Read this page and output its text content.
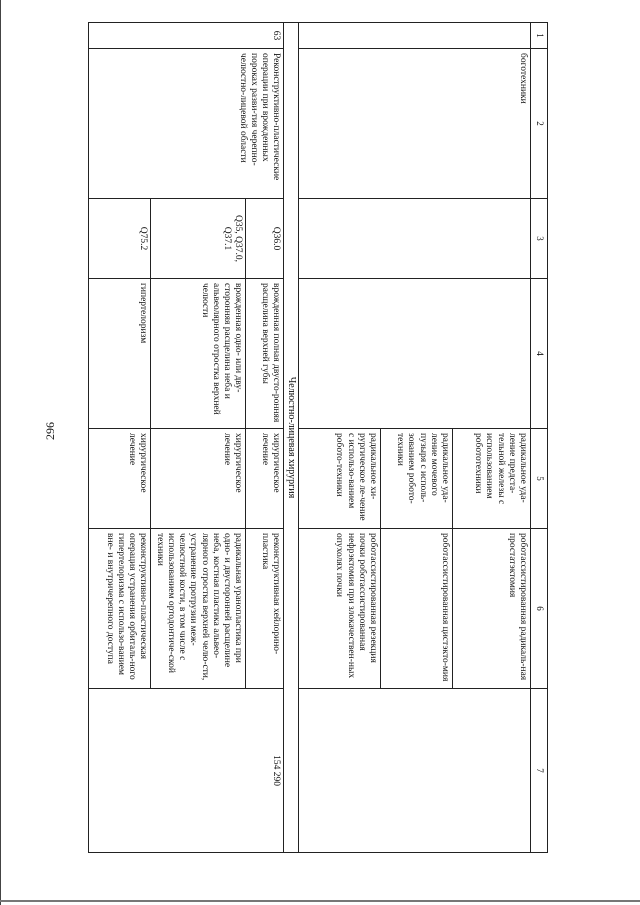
296
1	2	3	4	5	6	7
	боготехники			радикальное уда-ление предста-тельной железы с использованием робототехники	роботассистированная радикаль-ная простатэктомия	
				радикальное уда-ление мочевого пузыря с исполь-зованием робото-техники	роботассистированная цистэкто-мия	
				радикальное хи-рургическое ле-чение с использо-ванием робото-техники	роботассистированная резекция почки роботассистированная нефрэктомия при злокачествен-ных опухолях почки	
Челюстно-лицевая хирургия						
63	Реконструктивно-пластические операции при врожденных пороках разви-тия черепно-челюстно-лицевой области	Q36.0	врожденная полная двусто-ронняя расщелина верхней губы	хирургическое лечение	реконструктивная хейлорино-пластика	154 290
		Q35, Q37.0, Q37.1	врожденная одно- или дву-сторонняя расщелина неба и альвеолярного отростка верхней челюсти	хирургическое лечение	радикальная уранопластика при одно- и двусторонней расщелине неба, костная пластика альвео-лярного отростка верхней челю-сти, устранение протрузии меж-челюстной кости, в том числе с использованием ортодонтиче-ской техники	
		Q75.2	гипертелоризм	хирургическое лечение	реконструктивно-пластическая операция устранения орбиталь-ного гипертелоризма с использо-ванием вне- и внутричерепного доступа	
